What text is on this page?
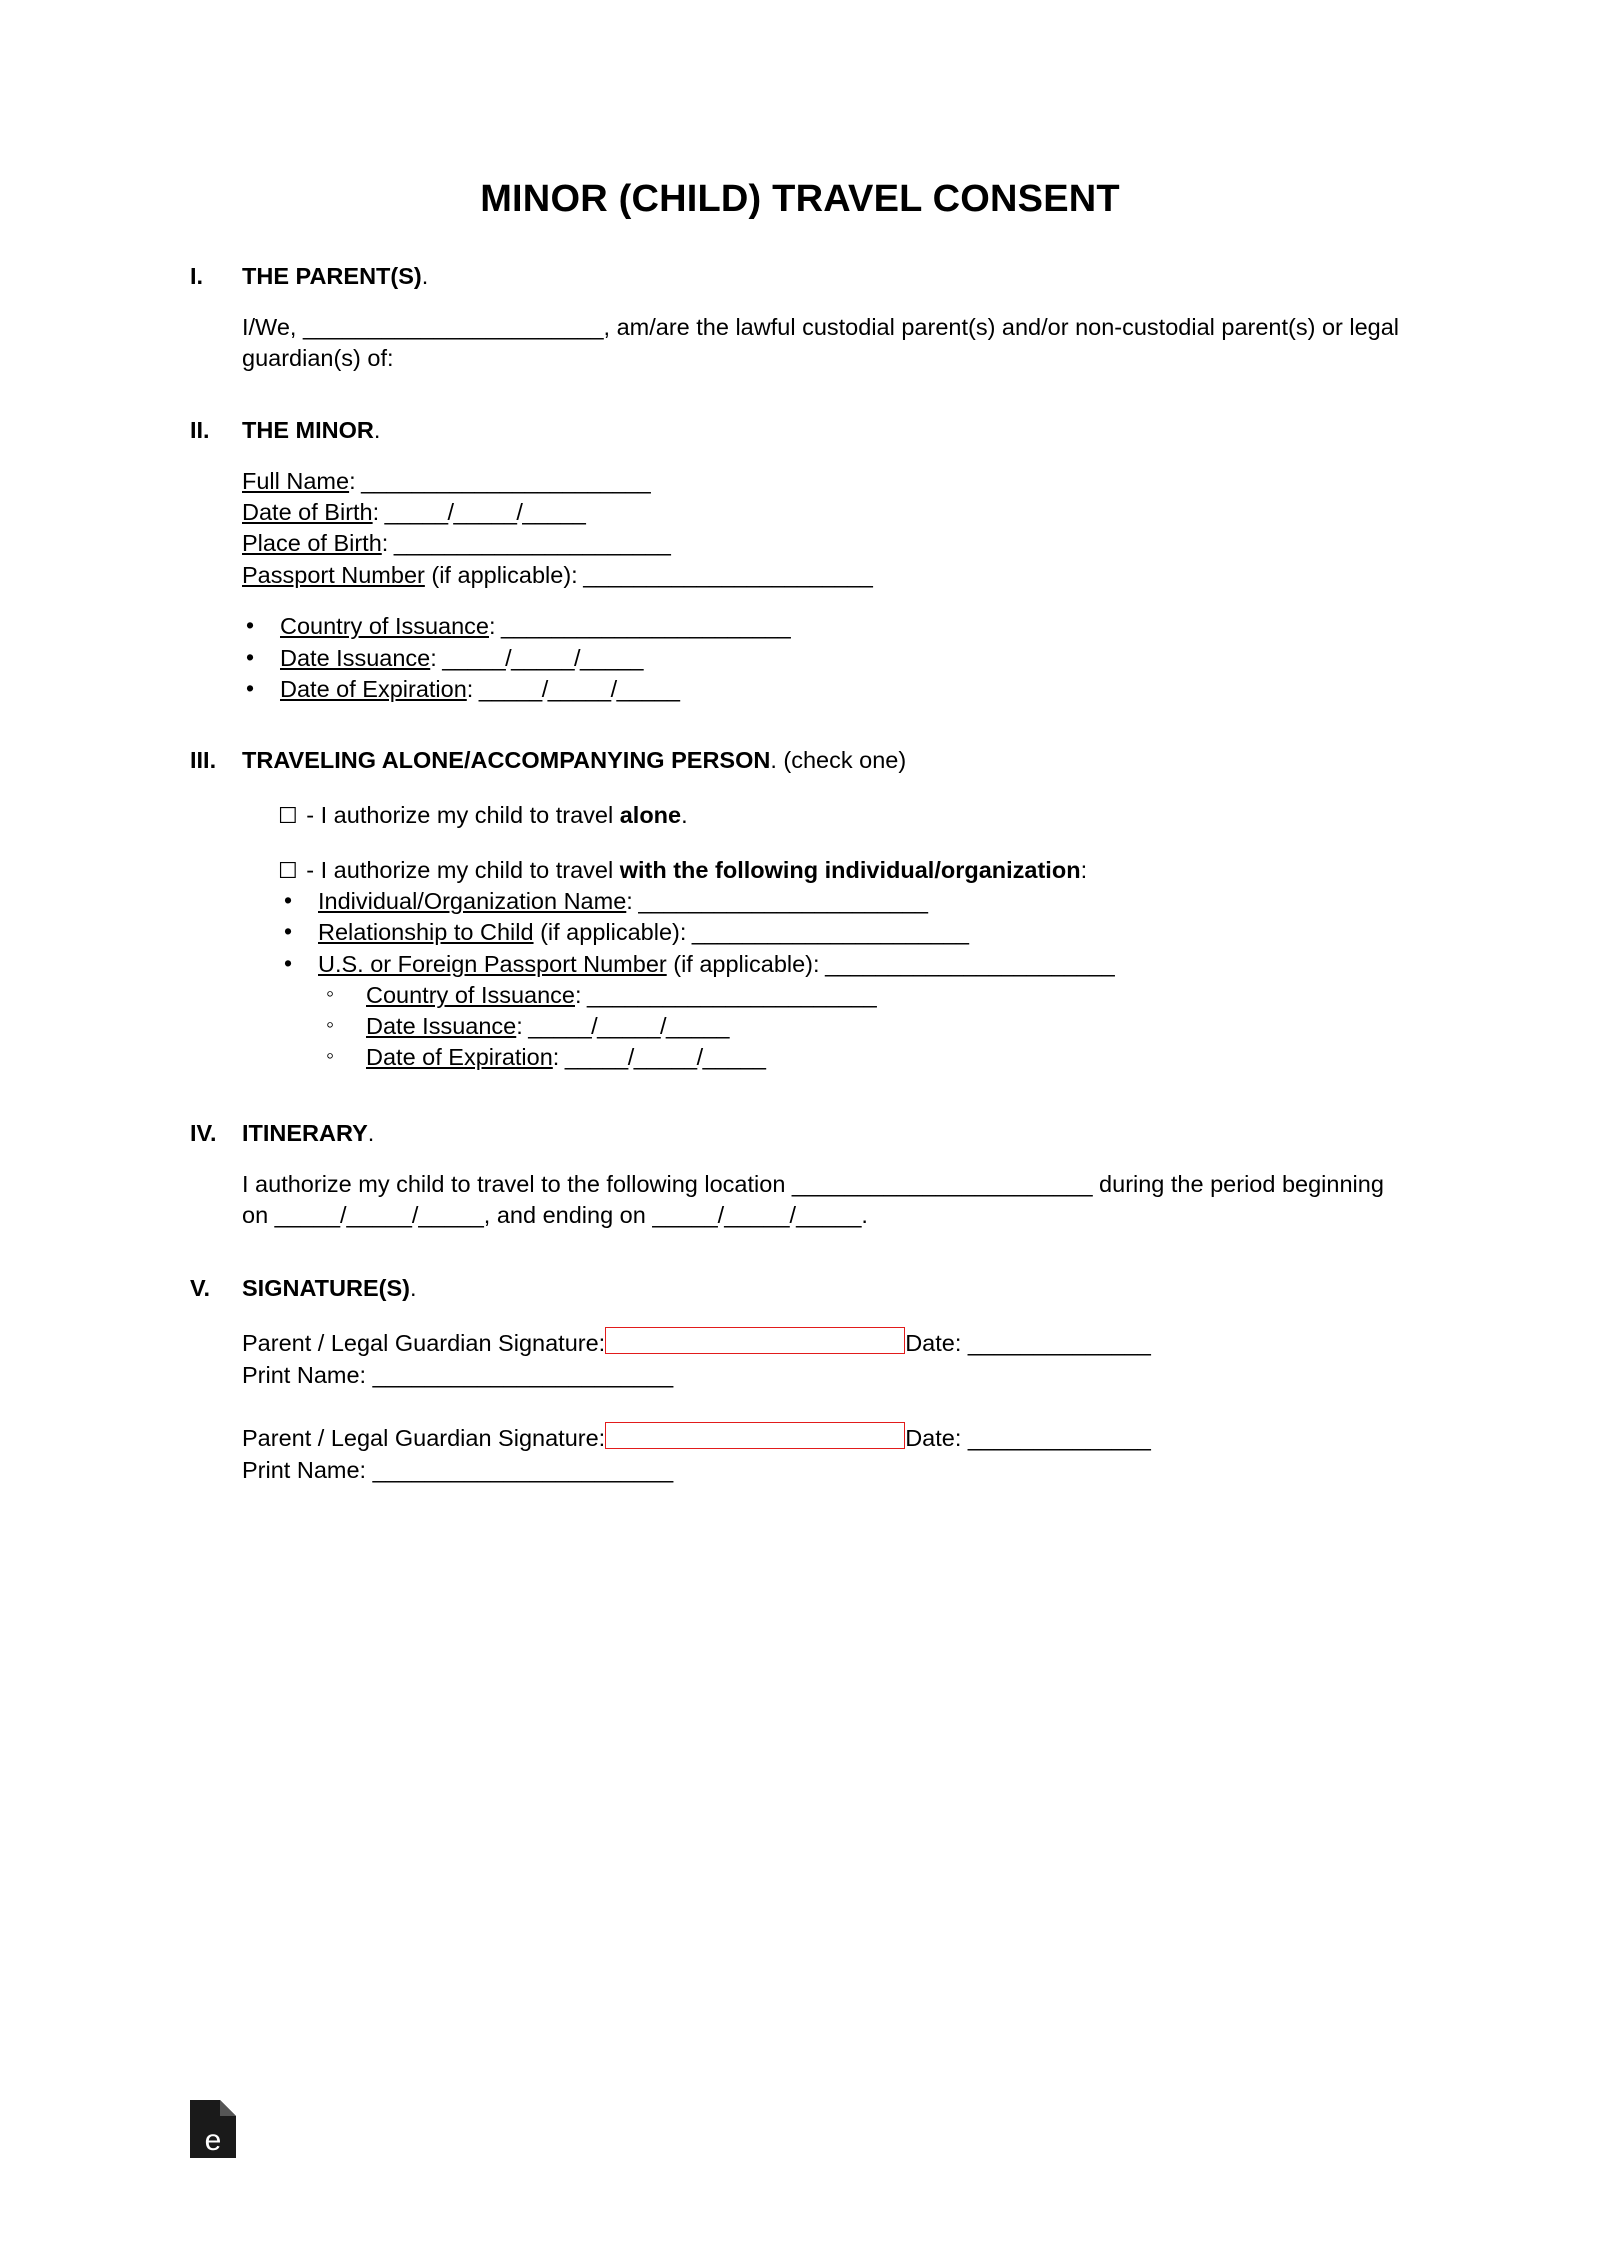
MINOR (CHILD) TRAVEL CONSENT
I.	THE PARENT(S).
I/We, _______________________, am/are the lawful custodial parent(s) and/or non-custodial parent(s) or legal guardian(s) of:
II.	THE MINOR.
Full Name: _______________________
Date of Birth: _____/_____/_____
Place of Birth: ______________________
Passport Number (if applicable): _______________________
• Country of Issuance: _______________________
• Date Issuance: _____/_____/_____
• Date of Expiration: _____/_____/_____
III.	TRAVELING ALONE/ACCOMPANYING PERSON. (check one)
☐ - I authorize my child to travel alone.
☐ - I authorize my child to travel with the following individual/organization:
• Individual/Organization Name: _______________________
• Relationship to Child (if applicable): ______________________
• U.S. or Foreign Passport Number (if applicable): _______________________
◦ Country of Issuance: _______________________
◦ Date Issuance: _____/_____/_____
◦ Date of Expiration: _____/_____/_____
IV.	ITINERARY.
I authorize my child to travel to the following location _______________________ during the period beginning on _____/_____/_____, and ending on _____/_____/_____.
V.	SIGNATURE(S).
Parent / Legal Guardian Signature:	Date: ______________
Print Name: _______________________
Parent / Legal Guardian Signature:	Date: ______________
Print Name: _______________________
e
